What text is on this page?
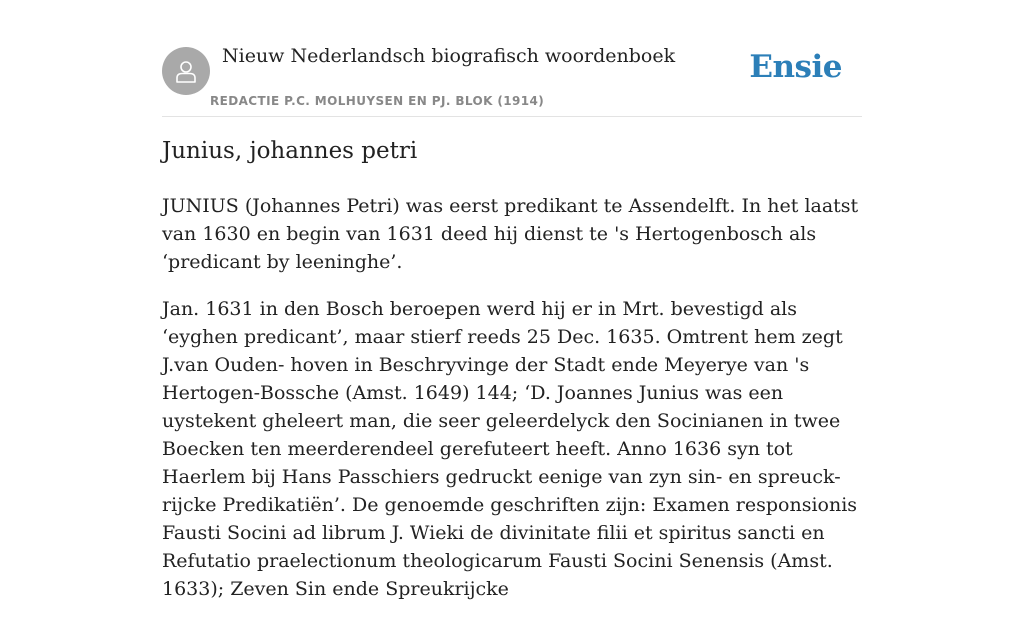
Nieuw Nederlandsch biografisch woordenboek
REDACTIE P.C. MOLHUYSEN EN PJ. BLOK (1914)
Ensie
Junius, johannes petri

JUNIUS (Johannes Petri) was eerst predikant te Assendelft. In het laatst van 1630 en begin van 1631 deed hij dienst te 's Hertogenbosch als ‘predicant by leeninghe’.

Jan. 1631 in den Bosch beroepen werd hij er in Mrt. bevestigd als ‘eyghen predicant’, maar stierf reeds 25 Dec. 1635. Omtrent hem zegt J.van Ouden- hoven in Beschryvinge der Stadt ende Meyerye van 's Hertogen-Bossche (Amst. 1649) 144; ‘D. Joannes Junius was een uystekent gheleert man, die seer geleerdelyck den Socinianen in twee Boecken ten meerderendeel gerefuteert heeft. Anno 1636 syn tot Haerlem bij Hans Passchiers gedruckt eenige van zyn sin- en spreuck-rijcke Predikatiën’. De genoemde geschriften zijn: Examen responsionis Fausti Socini ad librum J. Wieki de divinitate filii et spiritus sancti en Refutatio praelectionum theologicarum Fausti Socini Senensis (Amst. 1633); Zeven Sin ende Spreukrijcke
